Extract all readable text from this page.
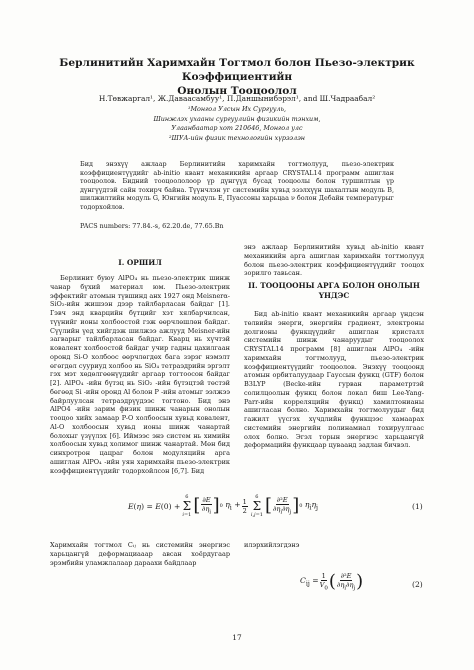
Берлинитийн Харимхайн Тогтмол болон Пьезо-электрик Коэффициентийн
Онолын Тооцоолол
Н.Төвжаргал¹, Ж.Даваасамбуу¹, П.Даншынибэрэл¹, and Ш.Чадраабал²
¹Монгол Улсын Их Сургууль,
Шинжлэх ухааны сургуулийн физикийн тэнхим,
Улаанбаатар хот 210646, Монгол улс
²ШУА-ийн физик технологийн хүрээлэн

Бид энэхүү ажлаар Берлинитийн харимхайн тогтмолууд, пьезо-электрик коэффициентүүдийг ab-initio квант механикийн аргаар CRYSTAL14 программ ашиглан тооцоолов. Бидний тооцоололоор үр дүнгүүд бусад тооцоолы болон туршилтын үр дүнгүүдтэй сайн тохирч байна. Түүнчлэн уг системийн хувьд эзэлхүүн шахалтын модуль B, шилжилтийн модуль G, Юнгийн модуль E, Пуассоны харьцаа ν болон Дебайн температурыг тодорхойлов.

PACS numbers: 77.84.-s, 62.20.de, 77.65.Bn
I. ОРШИЛ

Берлинит буюу AlPO₄ нь пьезо-электрик шинж чанар бүхий материал юм. Пьезо-электрик эффектийг атомын түвшинд анх 1927 онд Meisnerα-SiO₂-ийн жишээн дээр тайлбарласан байдаг [1]. Гэвч энд кварцийн бүтцийг хэт хялбарчилсан, түүнийг ионы холбоостой гэж өөрчлөшлөн байдаг. Сүүлийн үед хийгдэж шилжээ ажлууд Meisner-ийн загварыг тайлбарласан байдаг. Кварц нь хүчтэй ковалент холбоостой байдаг учир гадны цахилгаан оронд Si-O холбоос өөрчлөгдөх бага зэрэг нэмэлт өгөгдөл сууриуд холбоо нь SiO₄ тетраэдрийн эргэлт гэх мэт хөдөлгөөнүүдийг аргаар тогтоосон байдаг [2]. AlPO₄ -ийн бүтэц нь SiO₂ -ийн бүтэцтэй төстэй бөгөөд Si -ийн оронд Al болон P -ийн атомыг ээлжээ байрлуулсан тетраэдрүүдээс тогтоно. Бид энэ AlPO4 -ийн зарим физик шинж чанарын онолын тооцоо хийх замаар P-O холбоосын хувьд ковалент, Al-O холбоосын хувьд ионы шинж чанартай болохыг үзүүлэх [6]. Иймээс энэ систем нь химийн холбоосын хувьд холимог шинж чанартай. Мөн бид синхротрон цацраг болон модуляцийн арга ашиглан AlPO₄ -ийн уян харимхайн пьезо-электрик коэффициентүүдийг тодорхойлсон [6,7]. Бид

энэ ажлаар Берлинитийн хувьд ab-initio квант механикийн арга ашиглан харимхайн тогтмолууд болон пьезо-электрик коэффициентүүдийг тооцох зорилго тавьсан.

II. ТООЦООНЫ АРГА БОЛОН ОНОЛЫН
ҮНДЭС

Бид ab-initio квант механикийн аргаар үндсэн төлвийн энерги, энергийн градиент, электроны долгионы функцүүдийг ашиглан кристалл системийн шинж чанаруудыг тооцоолох CRYSTAL14 программ [8] ашиглан AlPO₄ -ийн харимхайн тогтмолууд, пьезо-электрик коэффициентүүдийг тооцоолов. Энэхүү тооцоонд атомын орбиталуудаар Гауссын функц (GTF) болон B3LYP (Becke-ийн гурван параметртэй солилцоолын функц болон локал биш Lee-Yang-Parr-ийн корреляцийн функц) хамилтонианы ашигласан болно. Харимхайн тогтмолуудыг бид гажилт үүсгэх хүчдлийн функцээс хамаарах системийн энергийн полинамиал тохируулгаас олох болно. Эгэл торын энергиэс харьцангүй деформацийн функцаар цуваанд задлан бичвэл.

E(η) = E(0) +
6
Σ
i=1 [ $\frac{\partial E}{\partial\eta_i}$ ] 0 $\eta_i + \frac{1}{2}$
6
Σ
i,j=1 [ $\frac{\text{∂²E}}{\partial\eta_i\partial\eta_j}$ ] 0 $\eta_i\eta_j$	(1)

Харимхайн тогтмол Cᵢⱼ нь системийн энергиэс харьцангүй деформациааар авсан хоёрдугаар эрэмбийн уламжлалаар дараахи байдлаар

илэрхийлэгдэнэ

$C_{ij} = \frac{1}{V_0}$ ( $\frac{\text{∂²E}}{\partial\eta_i\partial\eta_j}$ )	(2)
17
